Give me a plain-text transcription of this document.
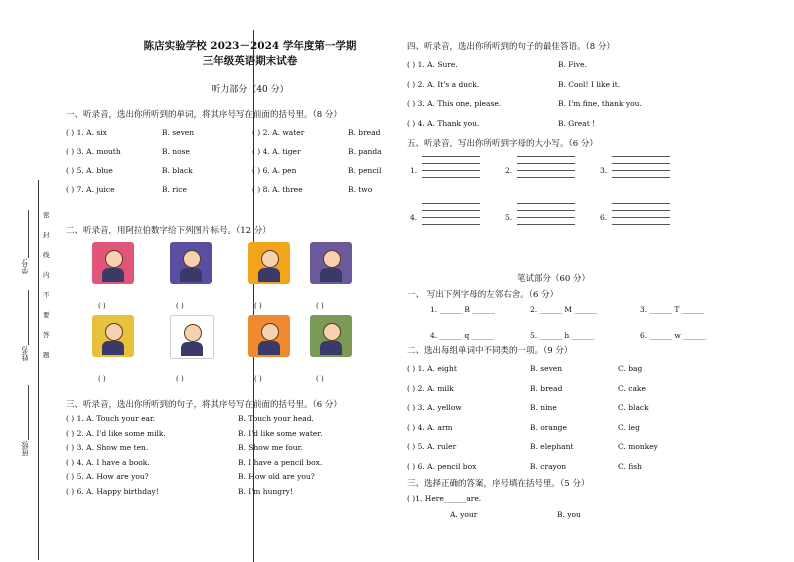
学号:
姓名:
班级:
密
封
线
内
不
要
答
题
陈店实验学校 2023－2024 学年度第一学期
三年级英语期末试卷
听力部分（40 分）
一、听录音，选出你所听到的单词，将其序号写在前面的括号里。（8 分）
( ) 1. A. six	B. seven	( ) 2. A. water	B. bread
( ) 3. A. mouth	B. nose	( ) 4. A. tiger	B. panda
( ) 5. A. blue	B. black	( ) 6. A. pen	B. pencil
( ) 7. A. juice	B. rice	( ) 8. A. three	B. two
二、听录音，用阿拉伯数字给下列图片标号。（12 分）
( )	( )	( )	( )
( )	( )	( )	( )
三、听录音，选出你所听到的句子，将其序号写在前面的括号里。（6 分）
( ) 1. A. Touch your ear.	B. Touch your head.
( ) 2. A. I'd like some milk.	B. I'd like some water.
( ) 3. A. Show me ten.	B. Show me four.
( ) 4. A. I have a book.	B. I have a pencil box.
( ) 5. A. How are you?	B. How old are you?
( ) 6. A. Happy birthday!	B. I'm hungry!
四、听录音，选出你所听到的句子的最佳答语。（8 分）
( ) 1. A. Sure.	B. Five.
( ) 2. A. It's a duck.	B. Cool! I like it.
( ) 3. A. This one, please.	B. I'm fine, thank you.
( ) 4. A. Thank you.	B. Great !
五、听录音，写出你所听到字母的大小写。（6 分）
1.	2.	3.
4.	5.	6.
笔试部分（60 分）
一、 写出下列字母的左邻右舍。（6 分）
1. ______ B ______	2. ______ M ______	3. ______ T ______
4. ______ q ______	5. ______ h ______	6. ______ w ______
二、选出每组单词中不同类的一项。（9 分）
( ) 1. A. eight	B. seven	C. bag
( ) 2. A. milk	B. bread	C. cake
( ) 3. A. yellow	B. nine	C. black
( ) 4. A. arm	B. orange	C. leg
( ) 5. A. ruler	B. elephant	C. monkey
( ) 6. A. pencil box	B. crayon	C. fish
三、选择正确的答案，序号填在括号里。（5 分）
( )1. Here______are.
A. your	B. you
